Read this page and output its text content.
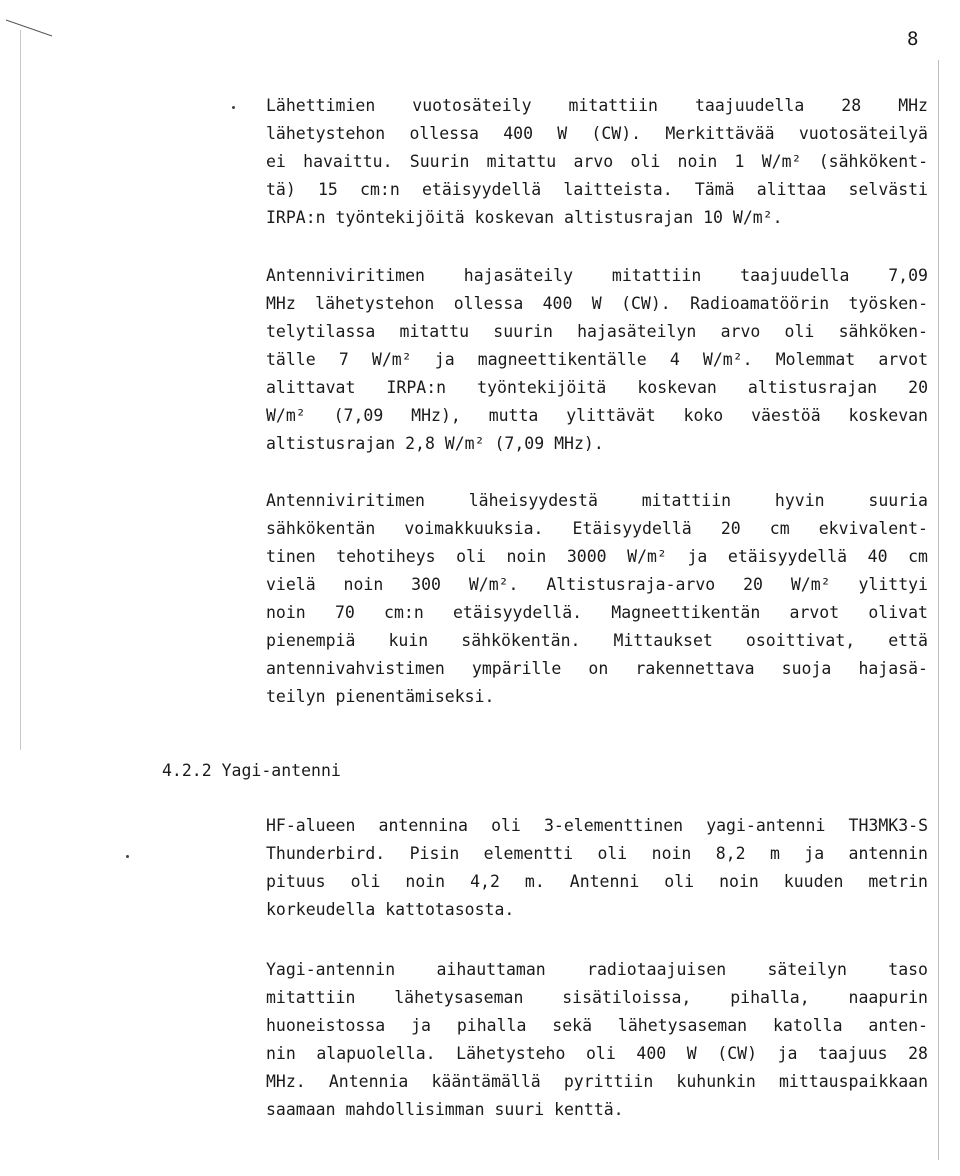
8
Lähettimien vuotosäteily mitattiin taajuudella 28 MHz
lähetystehon ollessa 400 W (CW). Merkittävää vuotosäteilyä
ei havaittu. Suurin mitattu arvo oli noin 1 W/m² (sähkökent-
tä) 15 cm:n etäisyydellä laitteista. Tämä alittaa selvästi
IRPA:n työntekijöitä koskevan altistusrajan 10 W/m².
Antenniviritimen hajasäteily mitattiin taajuudella 7,09
MHz lähetystehon ollessa 400 W (CW). Radioamatöörin työsken-
telytilassa mitattu suurin hajasäteilyn arvo oli sähköken-
tälle 7 W/m² ja magneettikentälle 4 W/m². Molemmat arvot
alittavat IRPA:n työntekijöitä koskevan altistusrajan 20
W/m² (7,09 MHz), mutta ylittävät koko väestöä koskevan
altistusrajan 2,8 W/m² (7,09 MHz).
Antenniviritimen läheisyydestä mitattiin hyvin suuria
sähkökentän voimakkuuksia. Etäisyydellä 20 cm ekvivalent-
tinen tehotiheys oli noin 3000 W/m² ja etäisyydellä 40 cm
vielä noin 300 W/m². Altistusraja-arvo 20 W/m² ylittyi
noin 70 cm:n etäisyydellä. Magneettikentän arvot olivat
pienempiä kuin sähkökentän. Mittaukset osoittivat, että
antennivahvistimen ympärille on rakennettava suoja hajasä-
teilyn pienentämiseksi.
4.2.2 Yagi-antenni
HF-alueen antennina oli 3-elementtinen yagi-antenni TH3MK3-S
Thunderbird. Pisin elementti oli noin 8,2 m ja antennin
pituus oli noin 4,2 m. Antenni oli noin kuuden metrin
korkeudella kattotasosta.
Yagi-antennin aihauttaman radiotaajuisen säteilyn taso
mitattiin lähetysaseman sisätiloissa, pihalla, naapurin
huoneistossa ja pihalla sekä lähetysaseman katolla anten-
nin alapuolella. Lähetysteho oli 400 W (CW) ja taajuus 28
MHz. Antennia kääntämällä pyrittiin kuhunkin mittauspaikkaan
saamaan mahdollisimman suuri kenttä.
